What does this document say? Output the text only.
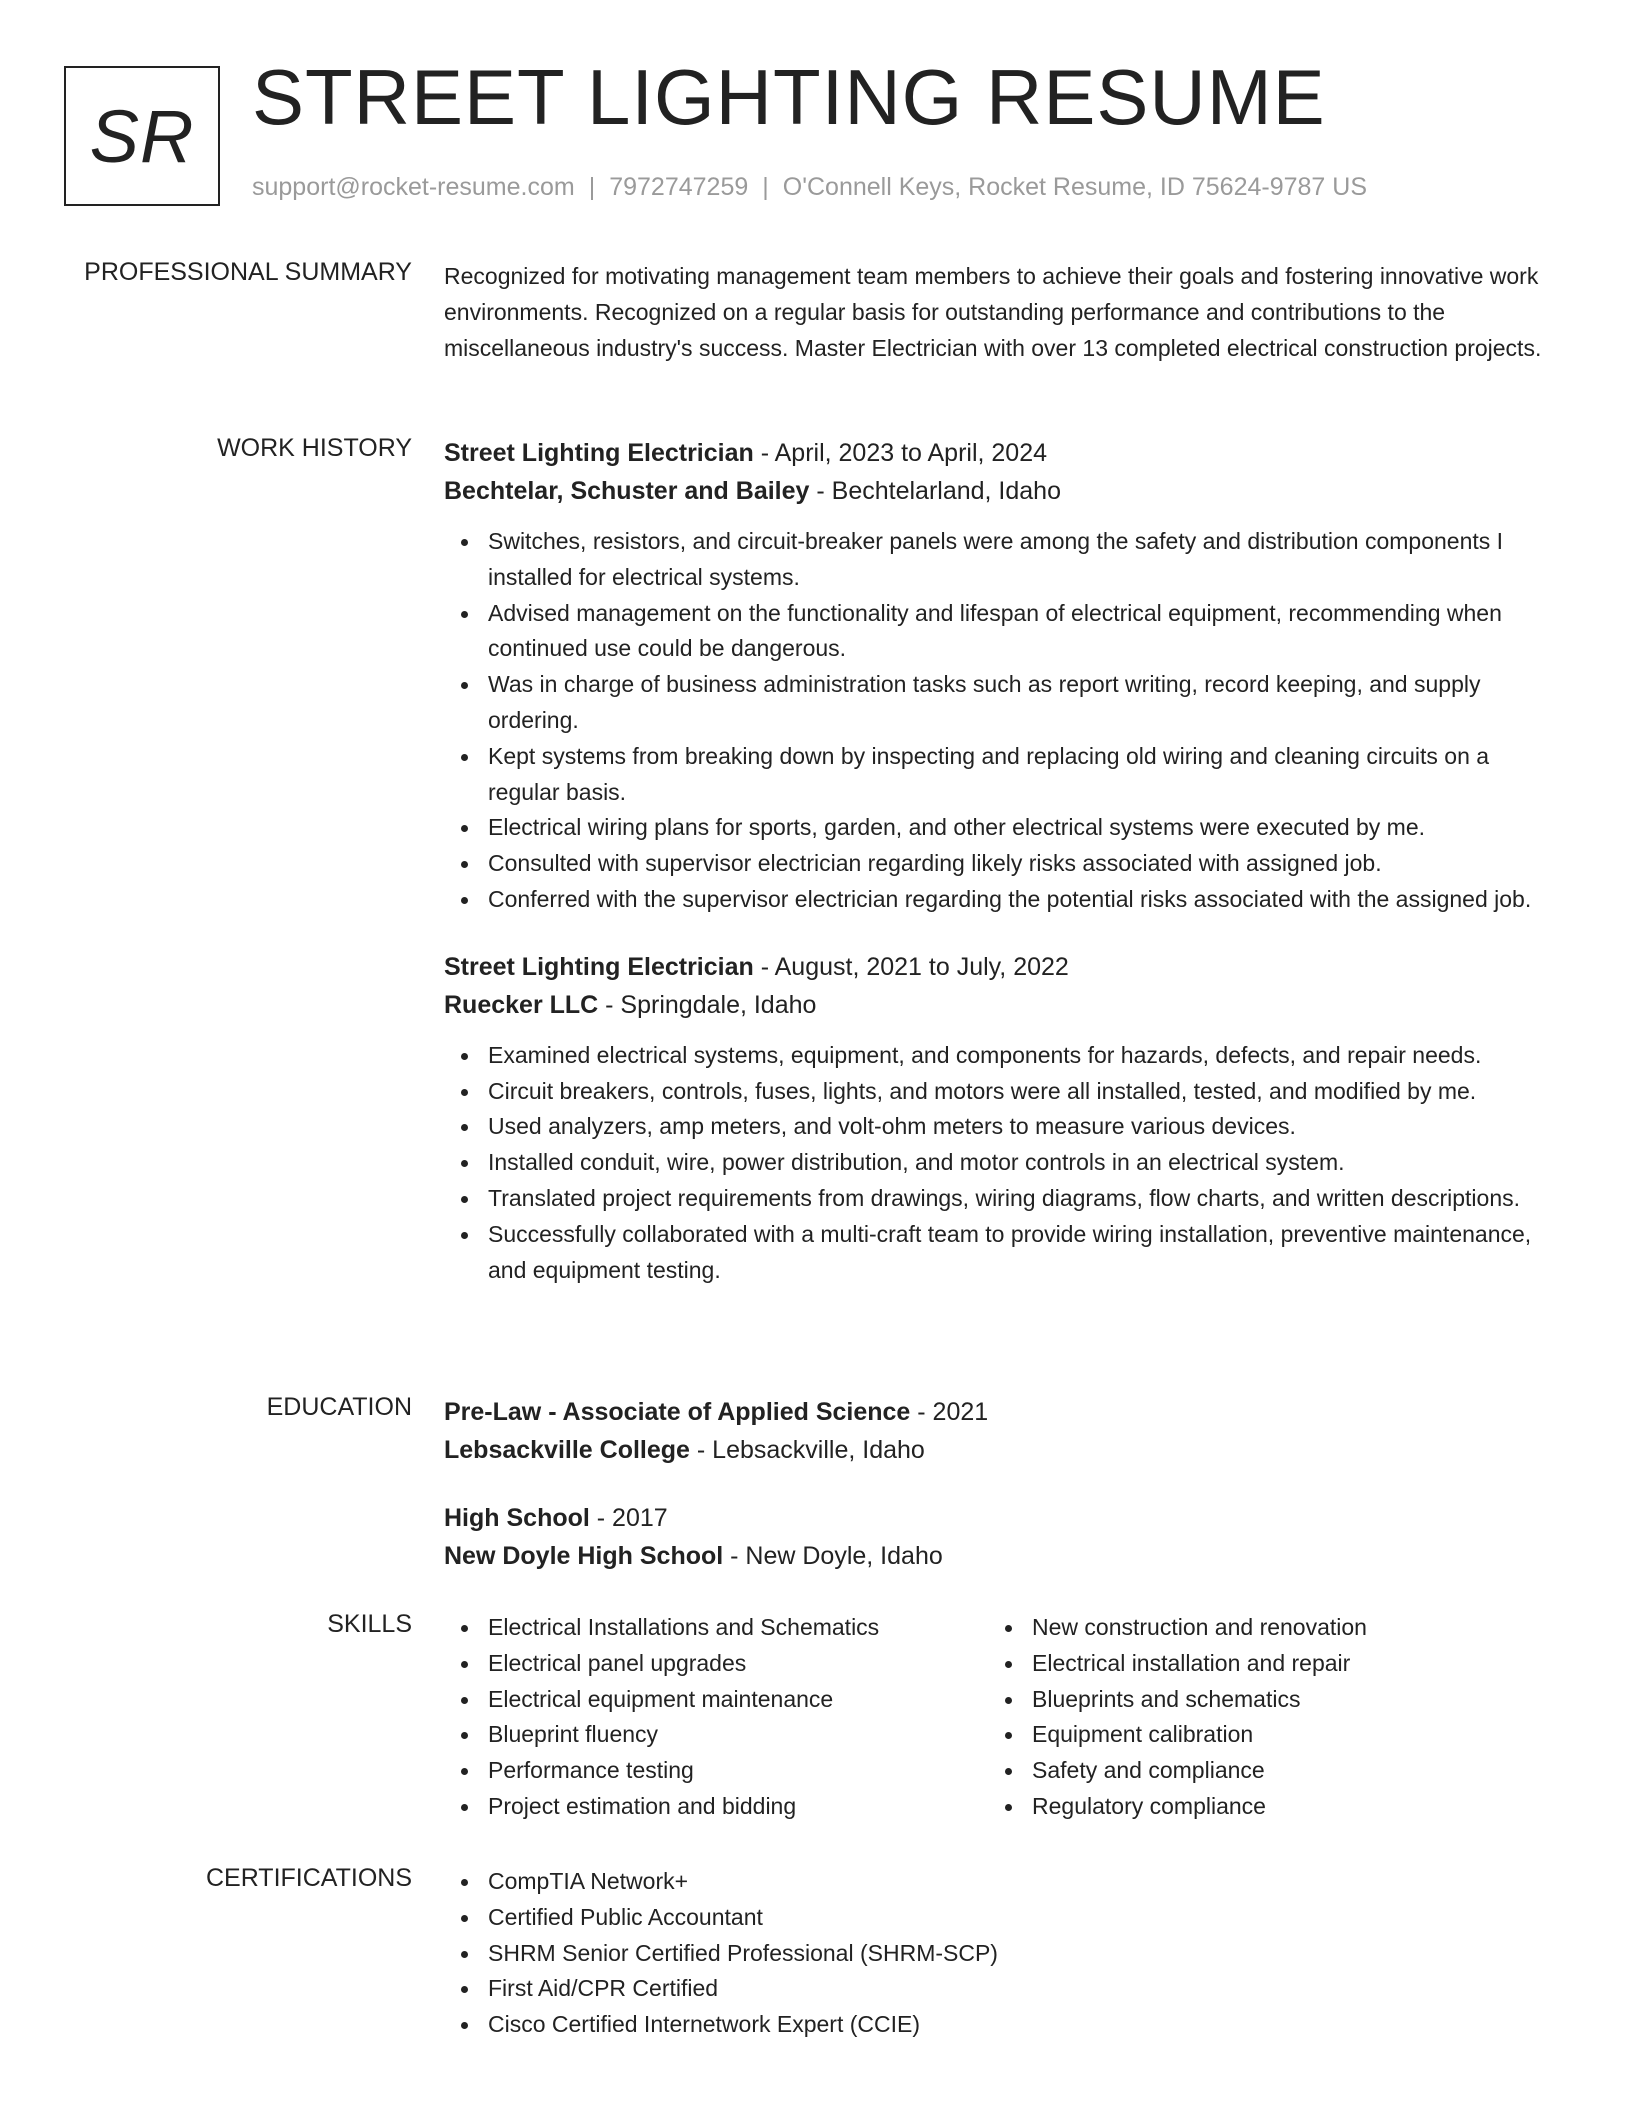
SR STREET LIGHTING RESUME
support@rocket-resume.com | 7972747259 | O'Connell Keys, Rocket Resume, ID 75624-9787 US
PROFESSIONAL SUMMARY Recognized for motivating management team members to achieve their goals and fostering innovative work environments. Recognized on a regular basis for outstanding performance and contributions to the miscellaneous industry's success. Master Electrician with over 13 completed electrical construction projects.

WORK HISTORY Street Lighting Electrician - April, 2023 to April, 2024
Bechtelar, Schuster and Bailey - Bechtelarland, Idaho
Switches, resistors, and circuit-breaker panels were among the safety and distribution components I installed for electrical systems.
Advised management on the functionality and lifespan of electrical equipment, recommending when continued use could be dangerous.
Was in charge of business administration tasks such as report writing, record keeping, and supply ordering.
Kept systems from breaking down by inspecting and replacing old wiring and cleaning circuits on a regular basis.
Electrical wiring plans for sports, garden, and other electrical systems were executed by me.
Consulted with supervisor electrician regarding likely risks associated with assigned job.
Conferred with the supervisor electrician regarding the potential risks associated with the assigned job.
Street Lighting Electrician - August, 2021 to July, 2022
Ruecker LLC - Springdale, Idaho
Examined electrical systems, equipment, and components for hazards, defects, and repair needs.
Circuit breakers, controls, fuses, lights, and motors were all installed, tested, and modified by me.
Used analyzers, amp meters, and volt-ohm meters to measure various devices.
Installed conduit, wire, power distribution, and motor controls in an electrical system.
Translated project requirements from drawings, wiring diagrams, flow charts, and written descriptions.
Successfully collaborated with a multi-craft team to provide wiring installation, preventive maintenance, and equipment testing.
EDUCATION Pre-Law - Associate of Applied Science - 2021
Lebsackville College - Lebsackville, Idaho
High School - 2017
New Doyle High School - New Doyle, Idaho
SKILLS	Electrical Installations and Schematics
Electrical panel upgrades
Electrical equipment maintenance
Blueprint fluency
Performance testing
Project estimation and bidding
New construction and renovation
Electrical installation and repair
Blueprints and schematics
Equipment calibration
Safety and compliance
Regulatory compliance
CERTIFICATIONS	CompTIA Network+
Certified Public Accountant
SHRM Senior Certified Professional (SHRM-SCP)
First Aid/CPR Certified
Cisco Certified Internetwork Expert (CCIE)
